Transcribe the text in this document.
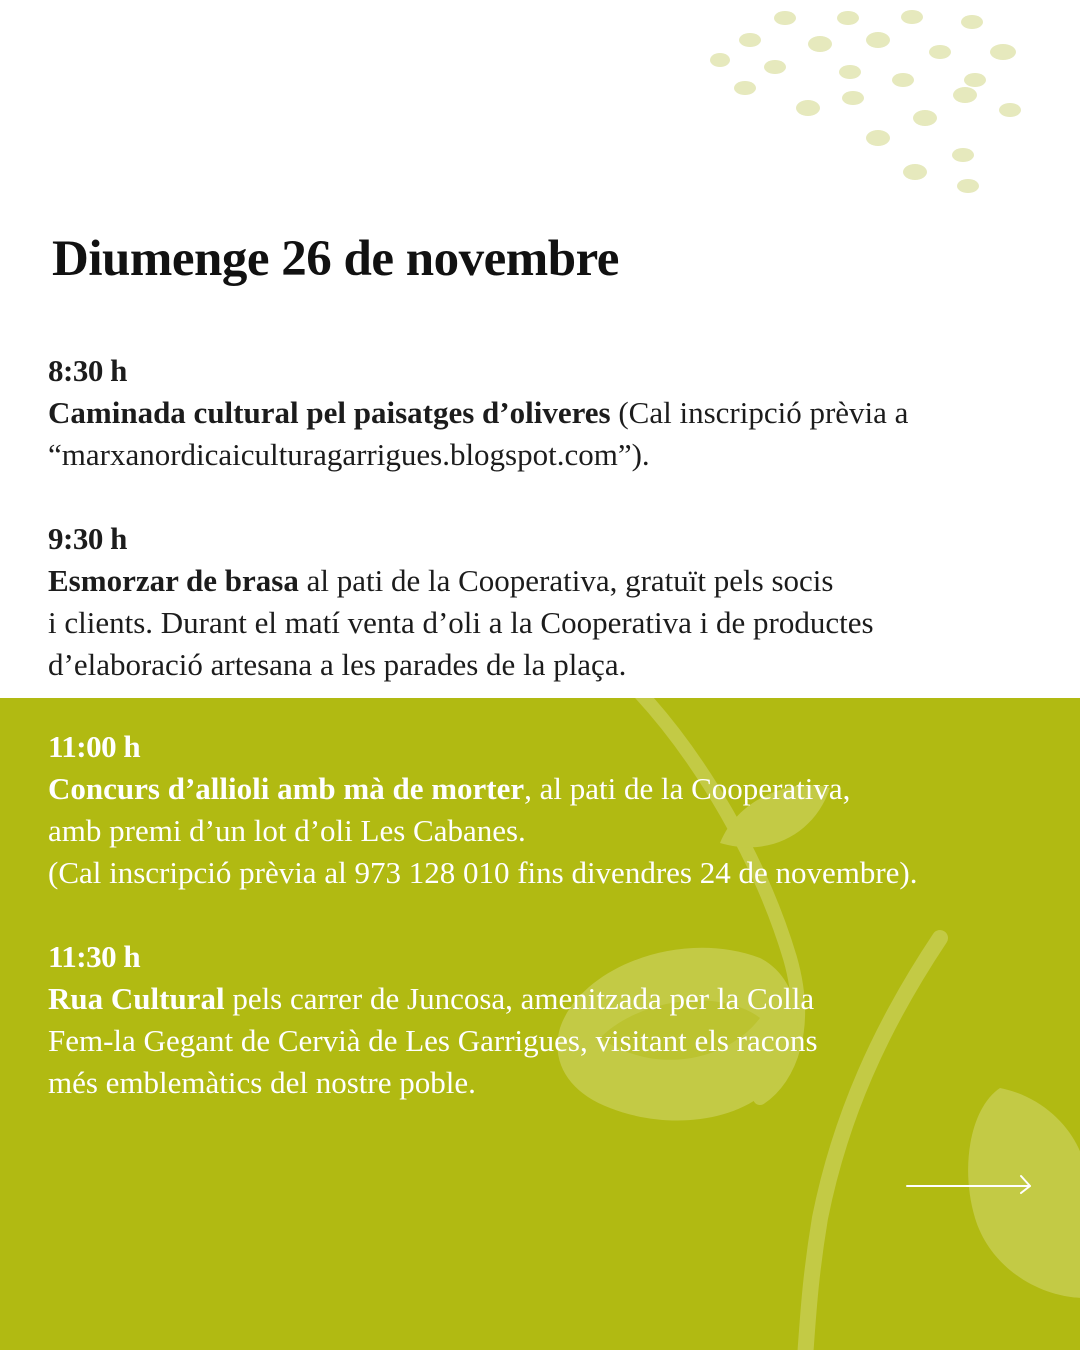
Diumenge 26 de novembre
8:30 h
Caminada cultural pel paisatges d’oliveres (Cal inscripció prèvia a
“marxanordicaiculturagarrigues.blogspot.com”).
9:30 h
Esmorzar de brasa al pati de la Cooperativa, gratuït pels socis
i clients. Durant el matí venta d’oli a la Cooperativa i de productes
d’elaboració artesana a les parades de la plaça.
11:00 h
Concurs d’allioli amb mà de morter, al pati de la Cooperativa,
amb premi d’un lot d’oli Les Cabanes.
(Cal inscripció prèvia al 973 128 010 fins divendres 24 de novembre).
11:30 h
Rua Cultural pels carrer de Juncosa, amenitzada per la Colla
Fem-la Gegant de Cervià de Les Garrigues, visitant els racons
més emblemàtics del nostre poble.
